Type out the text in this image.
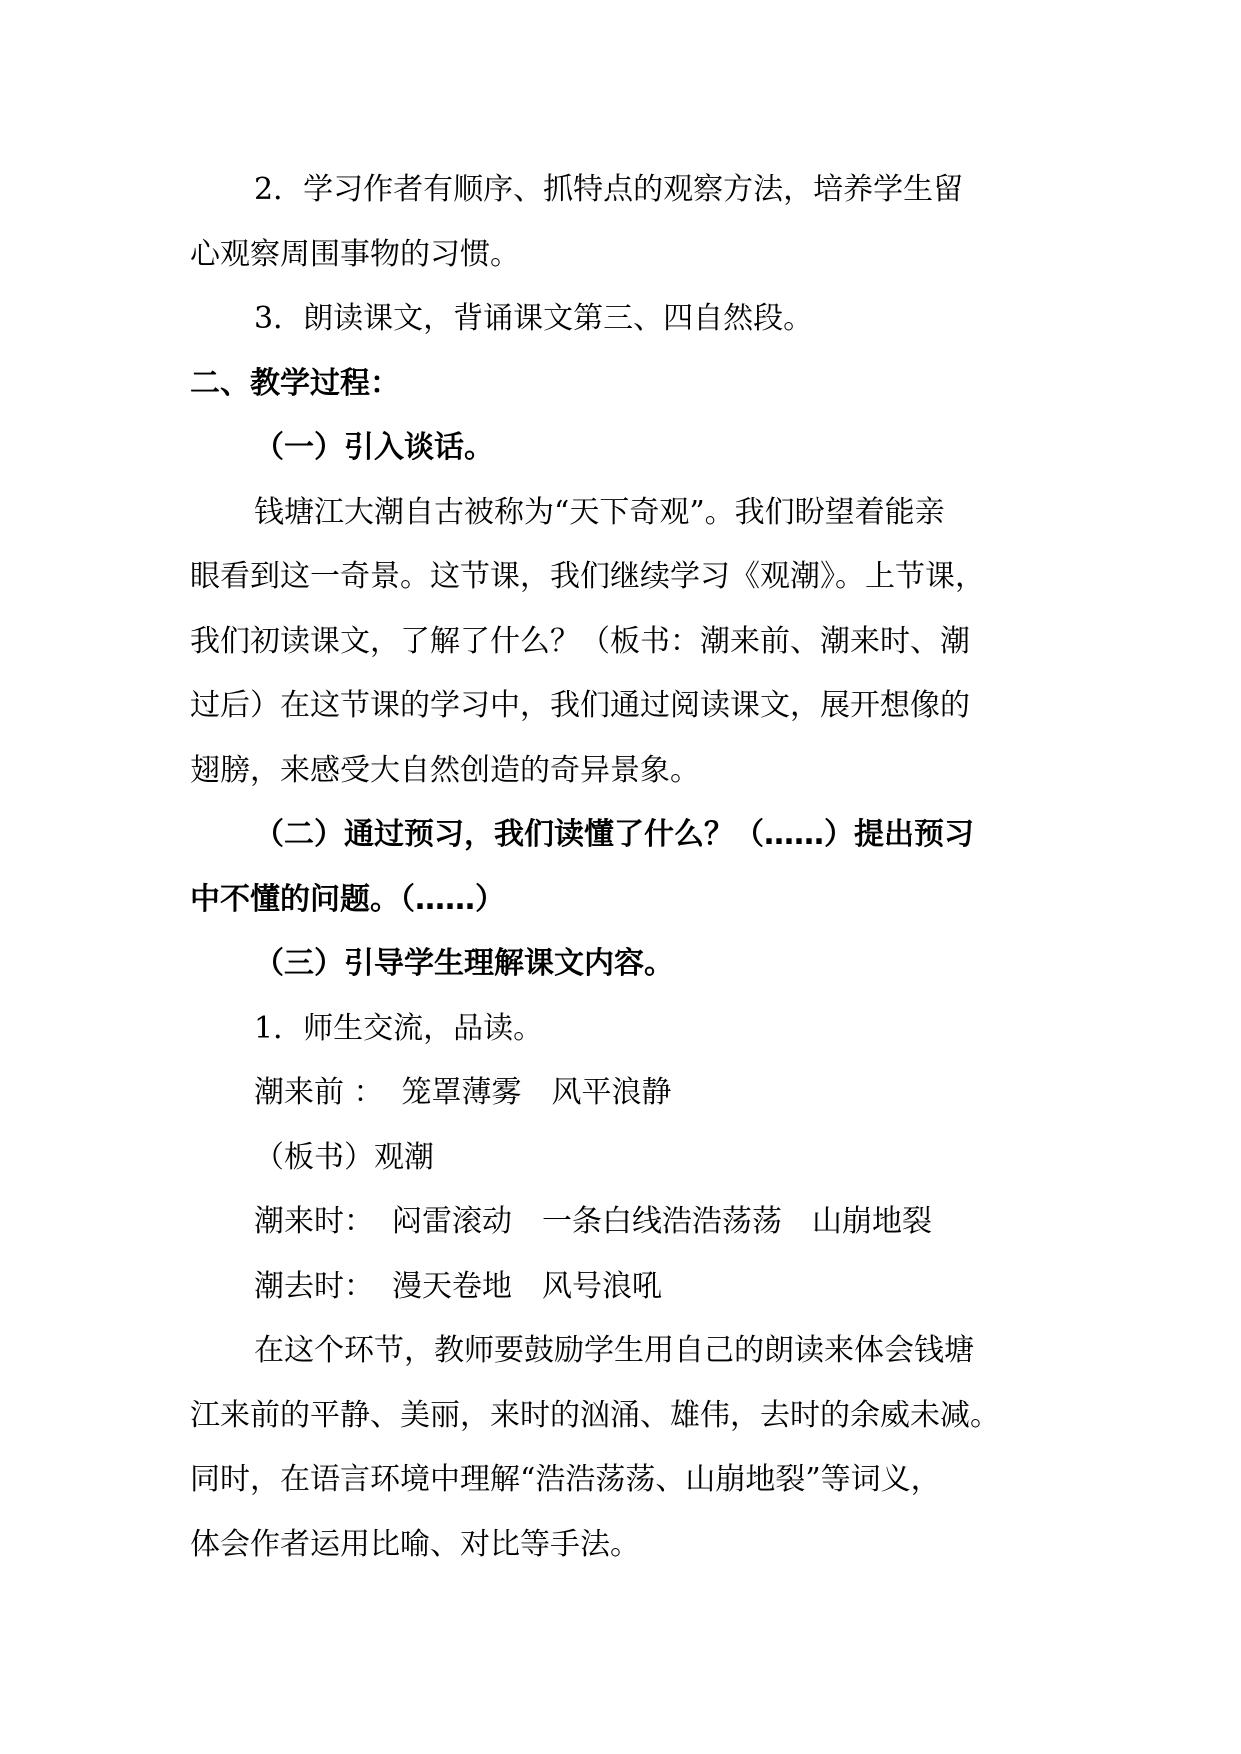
2．学习作者有顺序、抓特点的观察方法，培养学生留

心观察周围事物的习惯。

3．朗读课文，背诵课文第三、四自然段。

二、教学过程：

（一）引入谈话。

钱塘江大潮自古被称为“天下奇观”。我们盼望着能亲

眼看到这一奇景。这节课，我们继续学习《观潮》。上节课，

我们初读课文，了解了什么？（板书：潮来前、潮来时、潮

过后）在这节课的学习中，我们通过阅读课文，展开想像的

翅膀，来感受大自然创造的奇异景象。

（二）通过预习，我们读懂了什么？（……）提出预习

中不懂的问题。（……）

（三）引导学生理解课文内容。

1．师生交流，品读。

潮来前 ： 笼罩薄雾　风平浪静

（板书）观潮

潮来时： 闷雷滚动　一条白线浩浩荡荡　山崩地裂

潮去时： 漫天卷地　风号浪吼

在这个环节，教师要鼓励学生用自己的朗读来体会钱塘

江来前的平静、美丽，来时的汹涌、雄伟，去时的余威未减。

同时，在语言环境中理解“浩浩荡荡、山崩地裂”等词义，

体会作者运用比喻、对比等手法。
